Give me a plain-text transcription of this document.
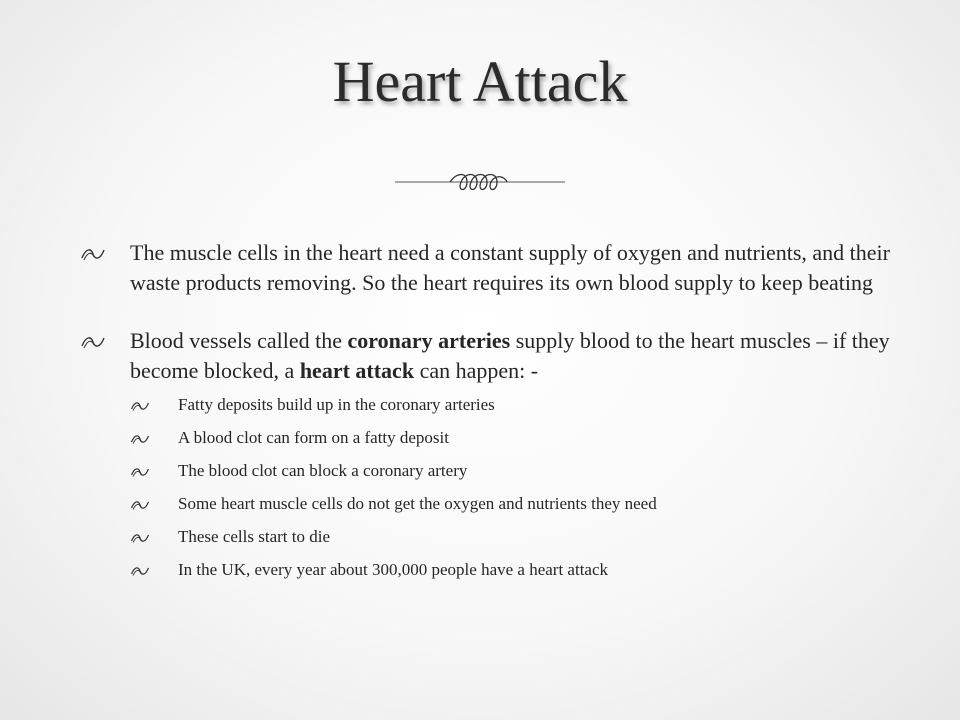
Heart Attack

The muscle cells in the heart need a constant supply of oxygen and nutrients, and their waste products removing. So the heart requires its own blood supply to keep beating

Blood vessels called the coronary arteries supply blood to the heart muscles – if they become blocked, a heart attack can happen: -

Fatty deposits build up in the coronary arteries

A blood clot can form on a fatty deposit

The blood clot can block a coronary artery

Some heart muscle cells do not get the oxygen and nutrients they need

These cells start to die

In the UK, every year about 300,000 people have a heart attack
